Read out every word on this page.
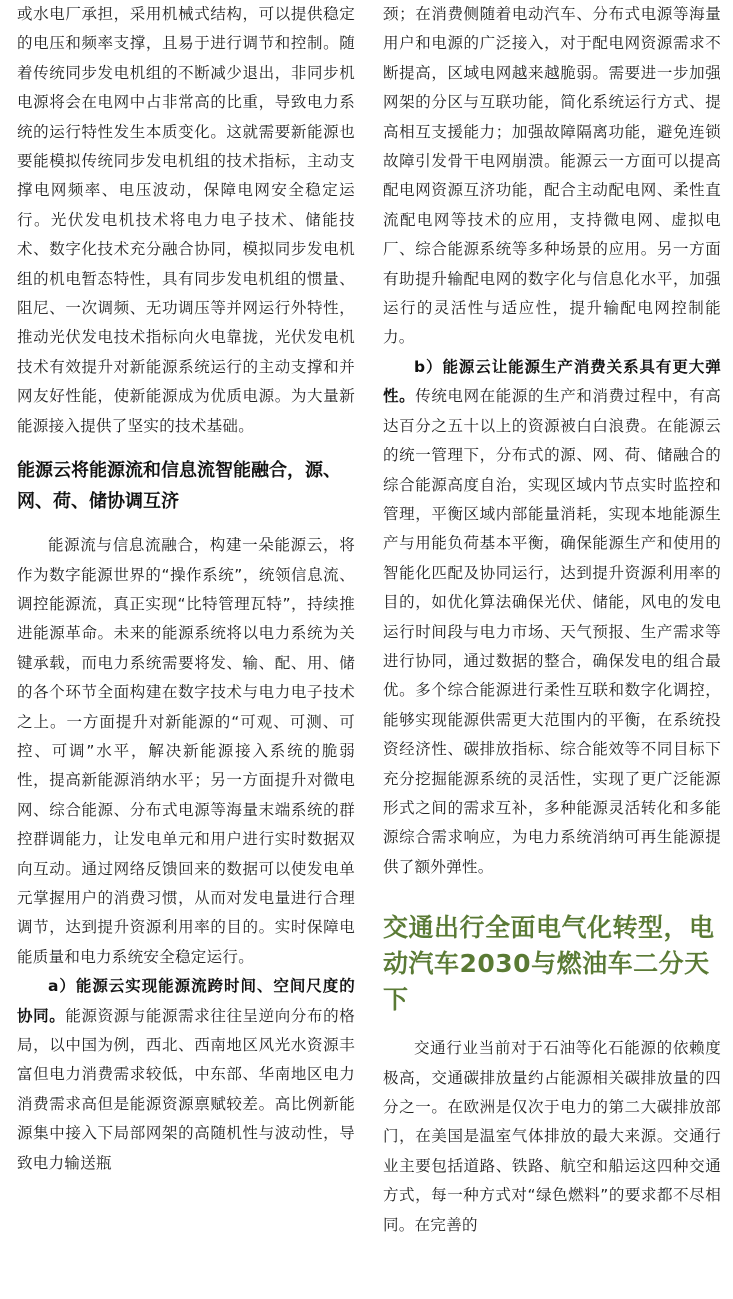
或水电厂承担，采用机械式结构，可以提供稳定的电压和频率支撑，且易于进行调节和控制。随着传统同步发电机组的不断减少退出，非同步机电源将会在电网中占非常高的比重，导致电力系统的运行特性发生本质变化。这就需要新能源也要能模拟传统同步发电机组的技术指标，主动支撑电网频率、电压波动，保障电网安全稳定运行。光伏发电机技术将电力电子技术、储能技术、数字化技术充分融合协同，模拟同步发电机组的机电暂态特性，具有同步发电机组的惯量、阻尼、一次调频、无功调压等并网运行外特性，推动光伏发电技术指标向火电靠拢，光伏发电机技术有效提升对新能源系统运行的主动支撑和并网友好性能，使新能源成为优质电源。为大量新能源接入提供了坚实的技术基础。

能源云将能源流和信息流智能融合，源、网、荷、储协调互济

能源流与信息流融合，构建一朵能源云，将作为数字能源世界的“操作系统”，统领信息流、调控能源流，真正实现“比特管理瓦特”，持续推进能源革命。未来的能源系统将以电力系统为关键承载，而电力系统需要将发、输、配、用、储的各个环节全面构建在数字技术与电力电子技术之上。一方面提升对新能源的“可观、可测、可控、可调”水平，解决新能源接入系统的脆弱性，提高新能源消纳水平；另一方面提升对微电网、综合能源、分布式电源等海量末端系统的群控群调能力，让发电单元和用户进行实时数据双向互动。通过网络反馈回来的数据可以使发电单元掌握用户的消费习惯，从而对发电量进行合理调节，达到提升资源利用率的目的。实时保障电能质量和电力系统安全稳定运行。

a）能源云实现能源流跨时间、空间尺度的协同。能源资源与能源需求往往呈逆向分布的格局，以中国为例，西北、西南地区风光水资源丰富但电力消费需求较低，中东部、华南地区电力消费需求高但是能源资源禀赋较差。高比例新能源集中接入下局部网架的高随机性与波动性，导致电力输送瓶

颈；在消费侧随着电动汽车、分布式电源等海量用户和电源的广泛接入，对于配电网资源需求不断提高，区域电网越来越脆弱。需要进一步加强网架的分区与互联功能，简化系统运行方式、提高相互支援能力；加强故障隔离功能，避免连锁故障引发骨干电网崩溃。能源云一方面可以提高配电网资源互济功能，配合主动配电网、柔性直流配电网等技术的应用，支持微电网、虚拟电厂、综合能源系统等多种场景的应用。另一方面有助提升输配电网的数字化与信息化水平，加强运行的灵活性与适应性，提升输配电网控制能力。

b）能源云让能源生产消费关系具有更大弹性。传统电网在能源的生产和消费过程中，有高达百分之五十以上的资源被白白浪费。在能源云的统一管理下，分布式的源、网、荷、储融合的综合能源高度自治，实现区域内节点实时监控和管理，平衡区域内部能量消耗，实现本地能源生产与用能负荷基本平衡，确保能源生产和使用的智能化匹配及协同运行，达到提升资源利用率的目的，如优化算法确保光伏、储能，风电的发电运行时间段与电力市场、天气预报、生产需求等进行协同，通过数据的整合，确保发电的组合最优。多个综合能源进行柔性互联和数字化调控，能够实现能源供需更大范围内的平衡，在系统投资经济性、碳排放指标、综合能效等不同目标下充分挖掘能源系统的灵活性，实现了更广泛能源形式之间的需求互补，多种能源灵活转化和多能源综合需求响应，为电力系统消纳可再生能源提供了额外弹性。

交通出行全面电气化转型，电动汽车2030与燃油车二分天下

交通行业当前对于石油等化石能源的依赖度极高，交通碳排放量约占能源相关碳排放量的四分之一。在欧洲是仅次于电力的第二大碳排放部门，在美国是温室气体排放的最大来源。交通行业主要包括道路、铁路、航空和船运这四种交通方式，每一种方式对“绿色燃料”的要求都不尽相同。在完善的
